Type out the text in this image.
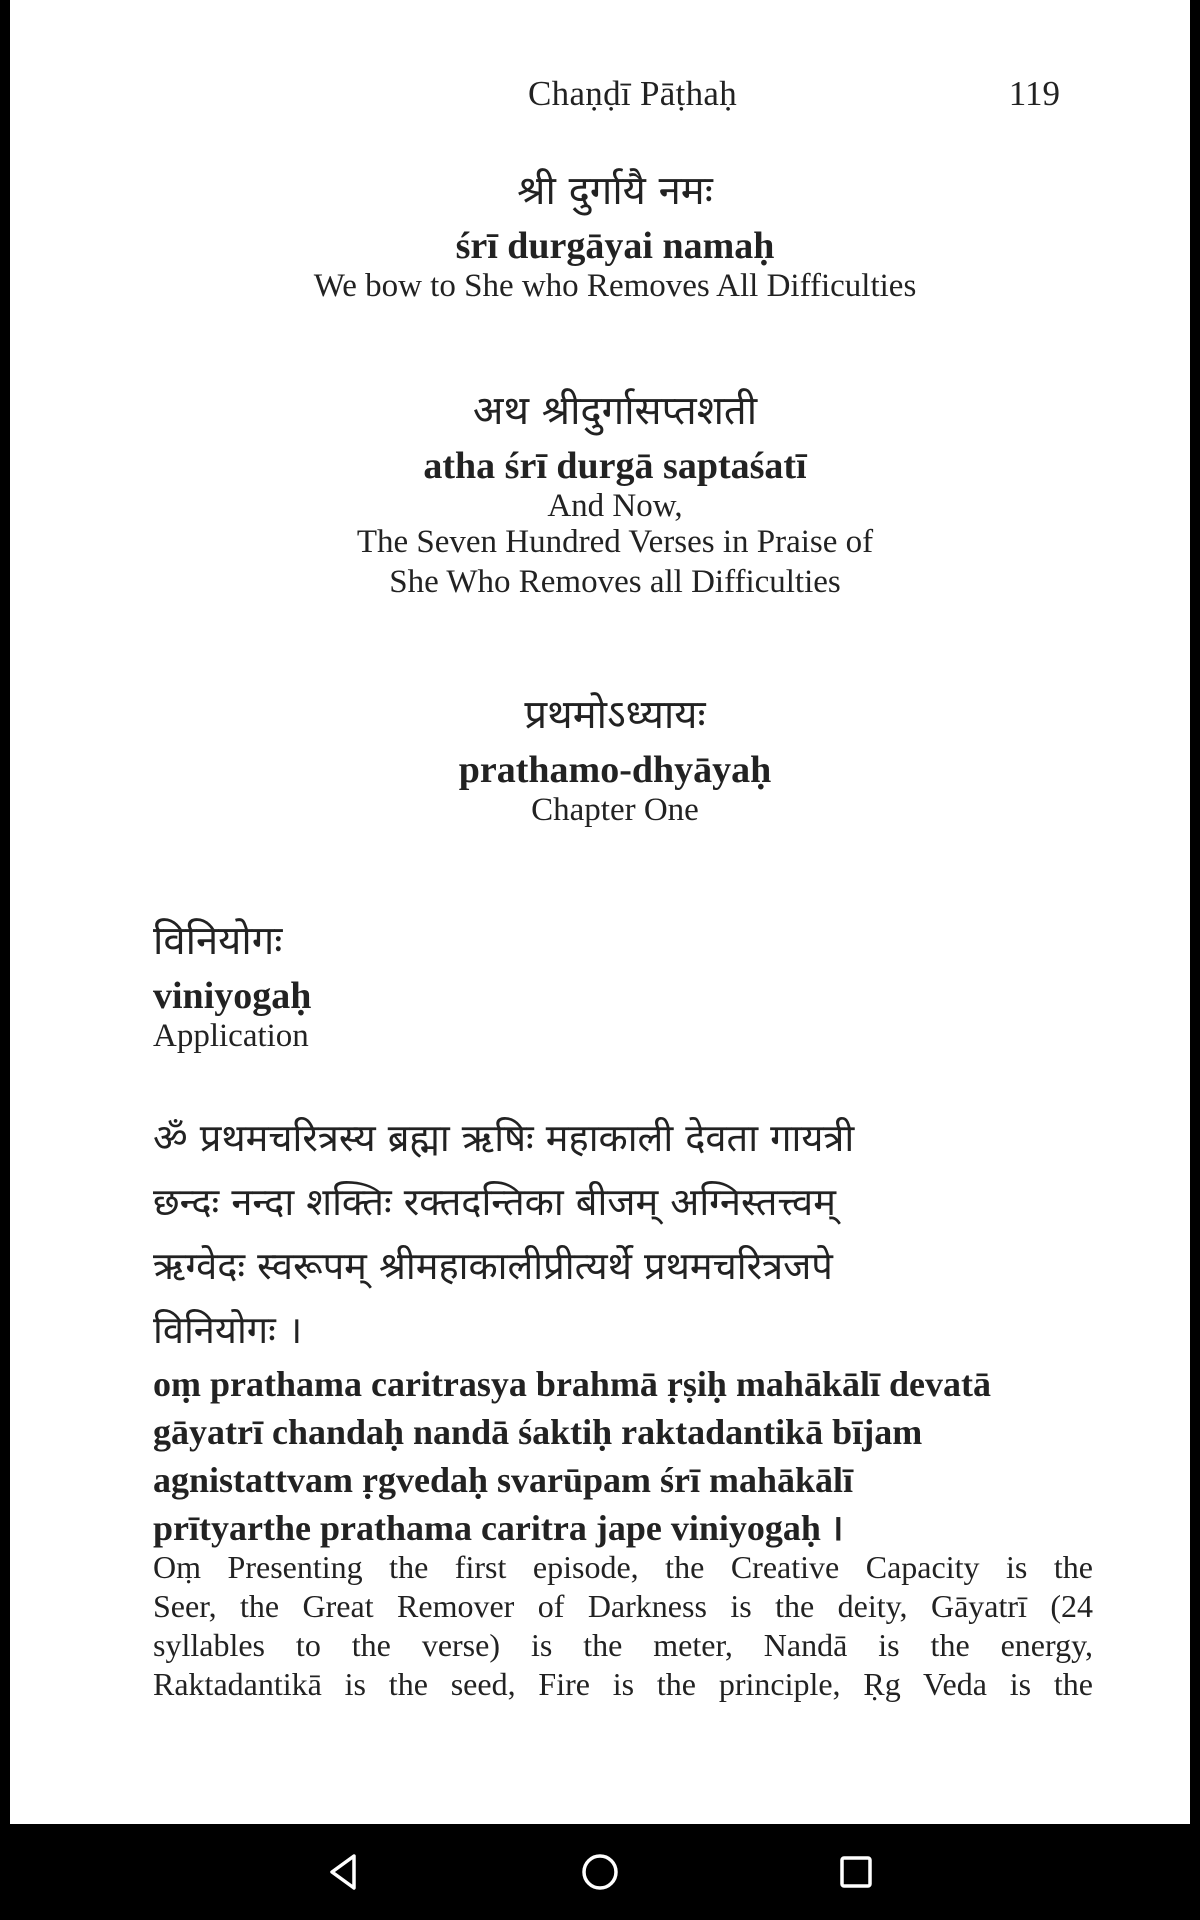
Chaṇḍī Pāṭhaḥ	119
श्री दुर्गायै नमः
śrī durgāyai namaḥ
We bow to She who Removes All Difficulties
अथ श्रीदुर्गासप्तशती
atha śrī durgā saptaśatī
And Now,
The Seven Hundred Verses in Praise of
She Who Removes all Difficulties
प्रथमोऽध्यायः
prathamo-dhyāyaḥ
Chapter One
विनियोगः
viniyogaḥ
Application
ॐ प्रथमचरित्रस्य ब्रह्मा ऋषिः महाकाली देवता गायत्री
छन्दः नन्दा शक्तिः रक्तदन्तिका बीजम् अग्निस्तत्त्वम्
ऋग्वेदः स्वरूपम् श्रीमहाकालीप्रीत्यर्थे प्रथमचरित्रजपे
विनियोगः ।
oṃ prathama caritrasya brahmā ṛṣiḥ mahākālī devatā
gāyatrī chandaḥ nandā śaktiḥ raktadantikā bījam
agnistattvam ṛgvedaḥ svarūpam śrī mahākālī
prītyarthe prathama caritra jape viniyogaḥ ।
Oṃ Presenting the first episode, the Creative Capacity is the
Seer, the Great Remover of Darkness is the deity, Gāyatrī (24
syllables to the verse) is the meter, Nandā is the energy,
Raktadantikā is the seed, Fire is the principle, Ṛg Veda is the
